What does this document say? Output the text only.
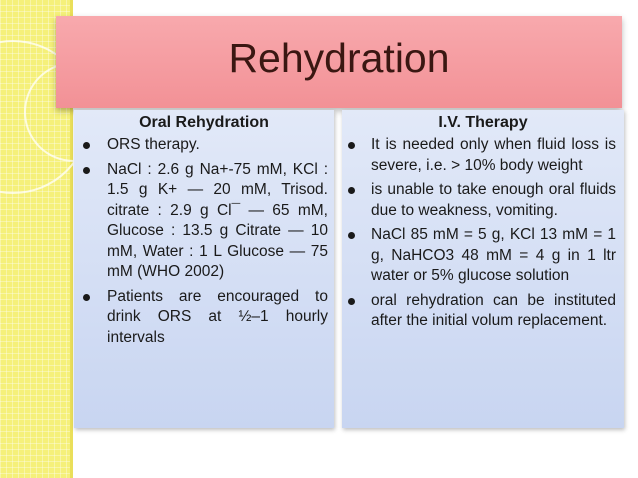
Rehydration
Oral Rehydration
ORS therapy.
NaCl : 2.6 g Na+-75 mM, KCl : 1.5 g K+ — 20 mM, Trisod. citrate : 2.9 g Cl¯ — 65 mM, Glucose : 13.5 g Citrate — 10 mM, Water : 1 L Glucose — 75 mM (WHO 2002)
Patients are encouraged to drink ORS at ½–1 hourly intervals
I.V. Therapy
It is needed only when fluid loss is severe, i.e. > 10% body weight
is unable to take enough oral fluids due to weakness, vomiting.
NaCl 85 mM = 5 g, KCl 13 mM = 1 g, NaHCO3 48 mM = 4 g in 1 ltr water or 5% glucose solution
oral rehydration can be instituted after the initial volum replacement.
